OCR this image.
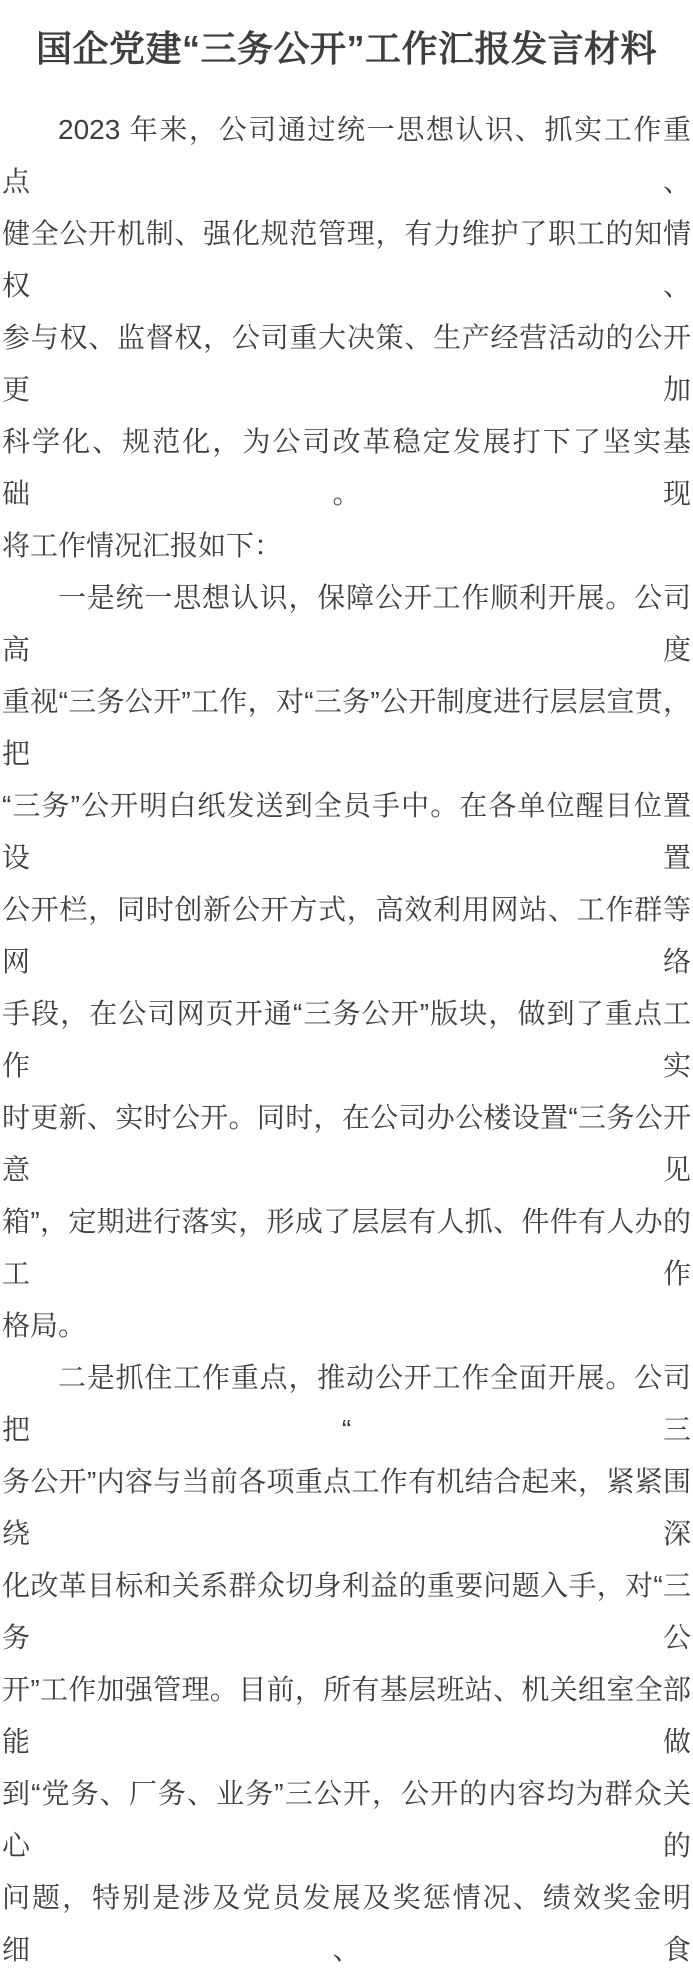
国企党建“三务公开”工作汇报发言材料
2023 年来，公司通过统一思想认识、抓实工作重点、
健全公开机制、强化规范管理，有力维护了职工的知情权、
参与权、监督权，公司重大决策、生产经营活动的公开更加
科学化、规范化，为公司改革稳定发展打下了坚实基础。现
将工作情况汇报如下：
一是统一思想认识，保障公开工作顺利开展。公司高度
重视“三务公开”工作，对“三务”公开制度进行层层宣贯，把
“三务”公开明白纸发送到全员手中。在各单位醒目位置设置
公开栏，同时创新公开方式，高效利用网站、工作群等网络
手段，在公司网页开通“三务公开”版块，做到了重点工作实
时更新、实时公开。同时，在公司办公楼设置“三务公开意见
箱”，定期进行落实，形成了层层有人抓、件件有人办的工作
格局。
二是抓住工作重点，推动公开工作全面开展。公司把“三
务公开”内容与当前各项重点工作有机结合起来，紧紧围绕深
化改革目标和关系群众切身利益的重要问题入手，对“三务公
开”工作加强管理。目前，所有基层班站、机关组室全部能做
到“党务、厂务、业务”三公开，公开的内容均为群众关心的
问题，特别是涉及党员发展及奖惩情况、绩效奖金明细、食
